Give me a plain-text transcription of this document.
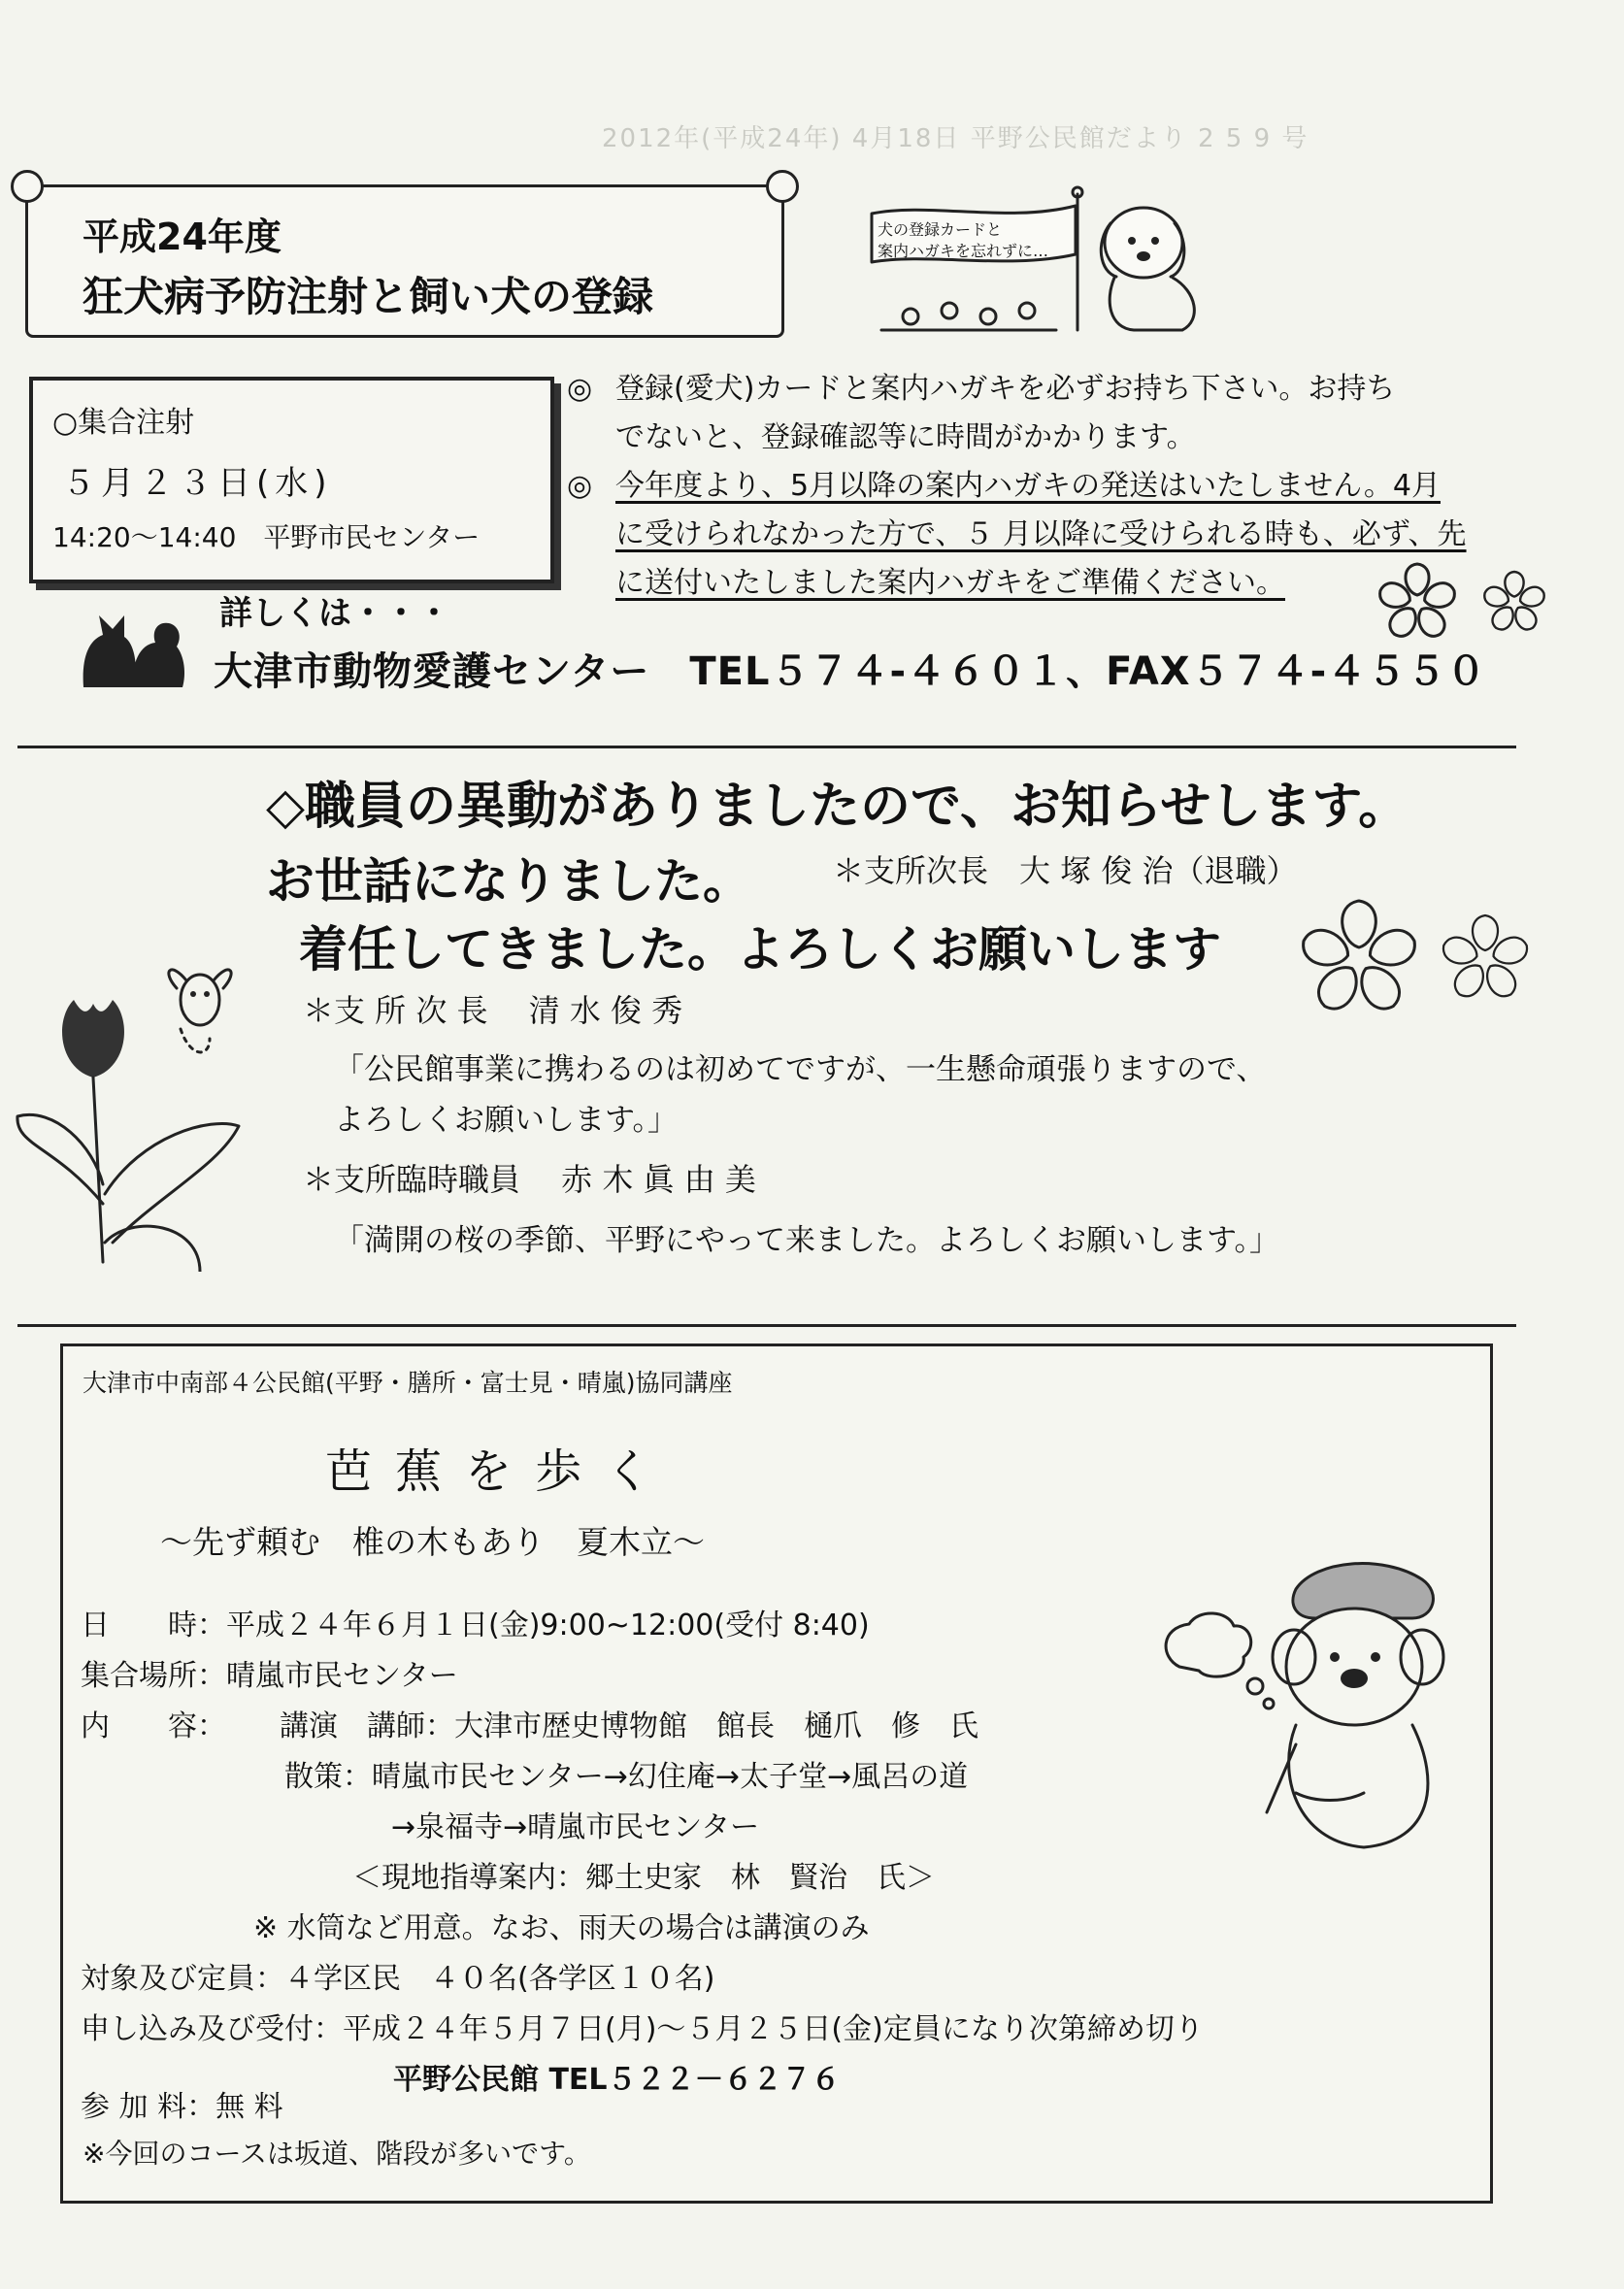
2012年(平成24年) 4月18日 平野公民館だより 2 5 9 号
平成24年度
狂犬病予防注射と飼い犬の登録
犬の登録カードと
案内ハガキを忘れずに…
○集合注射
５月２３日(水)
14:20～14:40　平野市民センター
◎ 登録(愛犬)カードと案内ハガキを必ずお持ち下さい。お持ち
でないと、登録確認等に時間がかかります。
◎ 今年度より、5月以降の案内ハガキの発送はいたしません。4月
に受けられなかった方で、５ 月以降に受けられる時も、必ず、先
に送付いたしました案内ハガキをご準備ください。
詳しくは・・・
大津市動物愛護センター　TEL５７４-４６０１、FAX５７４-４５５０
◇職員の異動がありましたので、お知らせします。
お世話になりました。	＊支所次長　大 塚 俊 治（退職）
着任してきました。よろしくお願いします
＊支 所 次 長　 清 水 俊 秀
「公民館事業に携わるのは初めてですが、一生懸命頑張りますので、
よろしくお願いします。」
＊支所臨時職員　 赤 木 眞 由 美
「満開の桜の季節、平野にやって来ました。よろしくお願いします。」
大津市中南部４公民館(平野・膳所・富士見・晴嵐)協同講座
芭蕉を歩く
～先ず頼む　椎の木もあり　夏木立～
日　　時：平成２４年６月１日(金)9:00~12:00(受付 8:40)
集合場所：晴嵐市民センター
内　　容： 講演　講師：大津市歴史博物館　館長　樋爪　修　氏
散策：晴嵐市民センター→幻住庵→太子堂→風呂の道
→泉福寺→晴嵐市民センター
＜現地指導案内：郷土史家　林　賢治　氏＞
※ 水筒など用意。なお、雨天の場合は講演のみ
対象及び定員：４学区民　４０名(各学区１０名)
申し込み及び受付：平成２４年５月７日(月)～５月２５日(金)定員になり次第締め切り
平野公民館 TEL５２２－６２７６
参 加 料：無 料
※今回のコースは坂道、階段が多いです。
